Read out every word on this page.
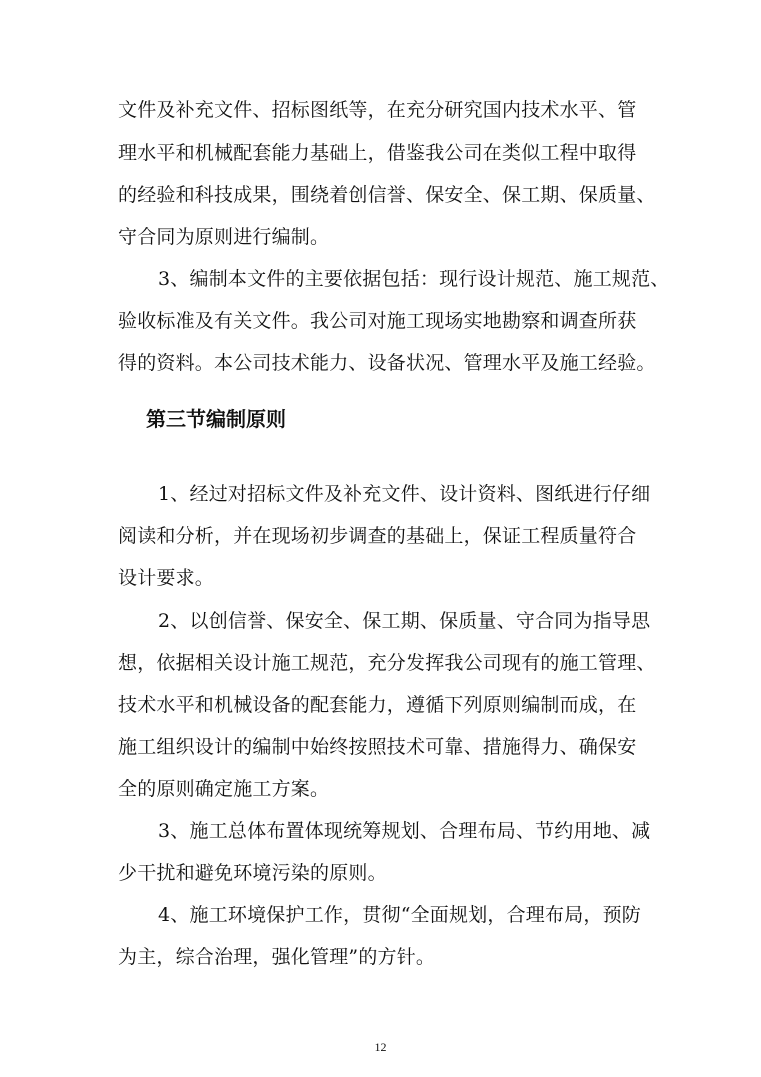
文件及补充文件、招标图纸等，在充分研究国内技术水平、管
理水平和机械配套能力基础上，借鉴我公司在类似工程中取得
的经验和科技成果，围绕着创信誉、保安全、保工期、保质量、
守合同为原则进行编制。
3、编制本文件的主要依据包括：现行设计规范、施工规范、
验收标准及有关文件。我公司对施工现场实地勘察和调查所获
得的资料。本公司技术能力、设备状况、管理水平及施工经验。
第三节编制原则
1、经过对招标文件及补充文件、设计资料、图纸进行仔细
阅读和分析，并在现场初步调查的基础上，保证工程质量符合
设计要求。
2、以创信誉、保安全、保工期、保质量、守合同为指导思
想，依据相关设计施工规范，充分发挥我公司现有的施工管理、
技术水平和机械设备的配套能力，遵循下列原则编制而成，在
施工组织设计的编制中始终按照技术可靠、措施得力、确保安
全的原则确定施工方案。
3、施工总体布置体现统筹规划、合理布局、节约用地、减
少干扰和避免环境污染的原则。
4、施工环境保护工作，贯彻“全面规划，合理布局，预防
为主，综合治理，强化管理”的方针。
12
